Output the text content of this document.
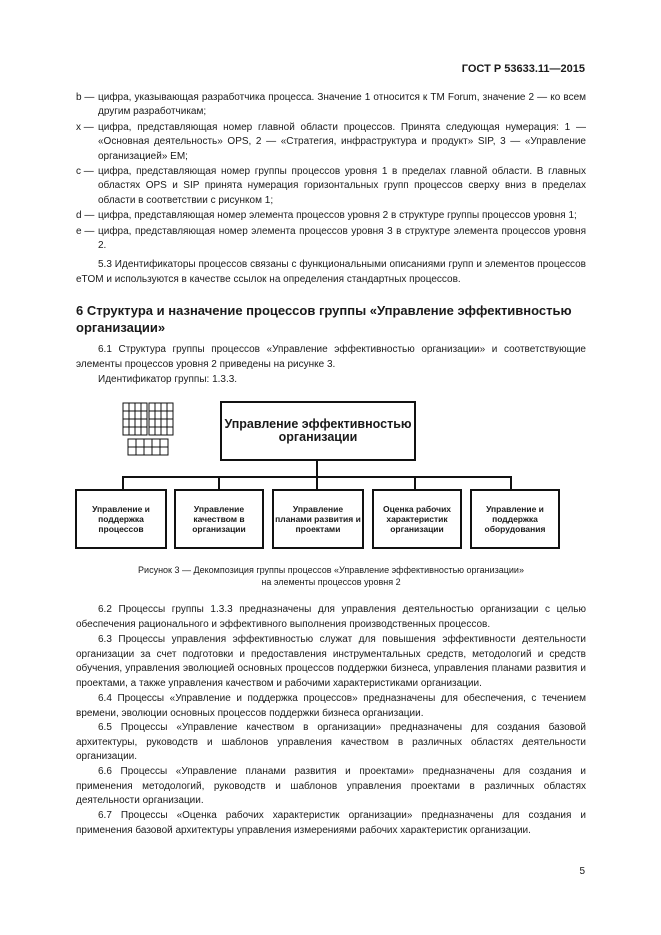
ГОСТ Р 53633.11—2015
b — цифра, указывающая разработчика процесса. Значение 1 относится к TM Forum, значение 2 — ко всем другим разработчикам;
x — цифра, представляющая номер главной области процессов. Принята следующая нумерация: 1 — «Основная деятельность» OPS, 2 — «Стратегия, инфраструктура и продукт» SIP, 3 — «Управление организацией» EM;
c — цифра, представляющая номер группы процессов уровня 1 в пределах главной области. В главных областях OPS и SIP принята нумерация горизонтальных групп процессов сверху вниз в пределах области в соответствии с рисунком 1;
d — цифра, представляющая номер элемента процессов уровня 2 в структуре группы процессов уровня 1;
e — цифра, представляющая номер элемента процессов уровня 3 в структуре элемента процессов уровня 2.

5.3 Идентификаторы процессов связаны с функциональными описаниями групп и элементов процессов eTOM и используются в качестве ссылок на определения стандартных процессов.

6 Структура и назначение процессов группы «Управление эффективностью организации»

6.1 Структура группы процессов «Управление эффективностью организации» и соответствующие элементы процессов уровня 2 приведены на рисунке 3.

Идентификатор группы: 1.3.3.

Управление эффективностью организации
Управление и поддержка процессов
Управление качеством в организации
Управление планами развития и проектами
Оценка рабочих характеристик организации
Управление и поддержка оборудования
Рисунок 3 — Декомпозиция группы процессов «Управление эффективностью организации»
на элементы процессов уровня 2

6.2 Процессы группы 1.3.3 предназначены для управления деятельностью организации с целью обеспечения рационального и эффективного выполнения производственных процессов.

6.3 Процессы управления эффективностью служат для повышения эффективности деятельности организации за счет подготовки и предоставления инструментальных средств, методологий и средств обучения, управления эволюцией основных процессов поддержки бизнеса, управления планами развития и проектами, а также управления качеством и рабочими характеристиками организации.

6.4 Процессы «Управление и поддержка процессов» предназначены для обеспечения, с течением времени, эволюции основных процессов поддержки бизнеса организации.

6.5 Процессы «Управление качеством в организации» предназначены для создания базовой архитектуры, руководств и шаблонов управления качеством в различных областях деятельности организации.

6.6 Процессы «Управление планами развития и проектами» предназначены для создания и применения методологий, руководств и шаблонов управления проектами в различных областях деятельности организации.

6.7 Процессы «Оценка рабочих характеристик организации» предназначены для создания и применения базовой архитектуры управления измерениями рабочих характеристик организации.

5
